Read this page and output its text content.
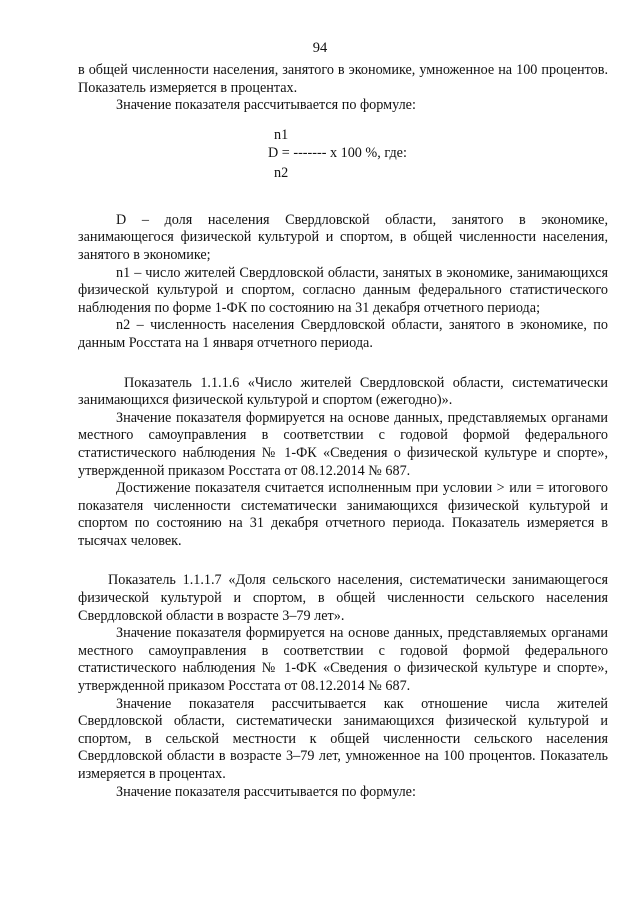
94

в общей численности населения, занятого в экономике, умноженное на 100 процентов. Показатель измеряется в процентах.

Значение показателя рассчитывается по формуле:

n1
D = ------- x 100 %, где:
n2

D – доля населения Свердловской области, занятого в экономике, занимающегося физической культурой и спортом, в общей численности населения, занятого в экономике;

n1 – число жителей Свердловской области, занятых в экономике, занимающихся физической культурой и спортом, согласно данным федерального статистического наблюдения по форме 1-ФК по состоянию на 31 декабря отчетного периода;

n2 – численность населения Свердловской области, занятого в экономике, по данным Росстата на 1 января отчетного периода.

Показатель 1.1.1.6 «Число жителей Свердловской области, систематически занимающихся физической культурой и спортом (ежегодно)».

Значение показателя формируется на основе данных, представляемых органами местного самоуправления в соответствии с годовой формой федерального статистического наблюдения № 1-ФК «Сведения о физической культуре и спорте», утвержденной приказом Росстата от 08.12.2014 № 687.

Достижение показателя считается исполненным при условии > или = итогового показателя численности систематически занимающихся физической культурой и спортом по состоянию на 31 декабря отчетного периода. Показатель измеряется в тысячах человек.

Показатель 1.1.1.7 «Доля сельского населения, систематически занимающегося физической культурой и спортом, в общей численности сельского населения Свердловской области в возрасте 3–79 лет».

Значение показателя формируется на основе данных, представляемых органами местного самоуправления в соответствии с годовой формой федерального статистического наблюдения № 1-ФК «Сведения о физической культуре и спорте», утвержденной приказом Росстата от 08.12.2014 № 687.

Значение показателя рассчитывается как отношение числа жителей Свердловской области, систематически занимающихся физической культурой и спортом, в сельской местности к общей численности сельского населения Свердловской области в возрасте 3–79 лет, умноженное на 100 процентов. Показатель измеряется в процентах.

Значение показателя рассчитывается по формуле:
